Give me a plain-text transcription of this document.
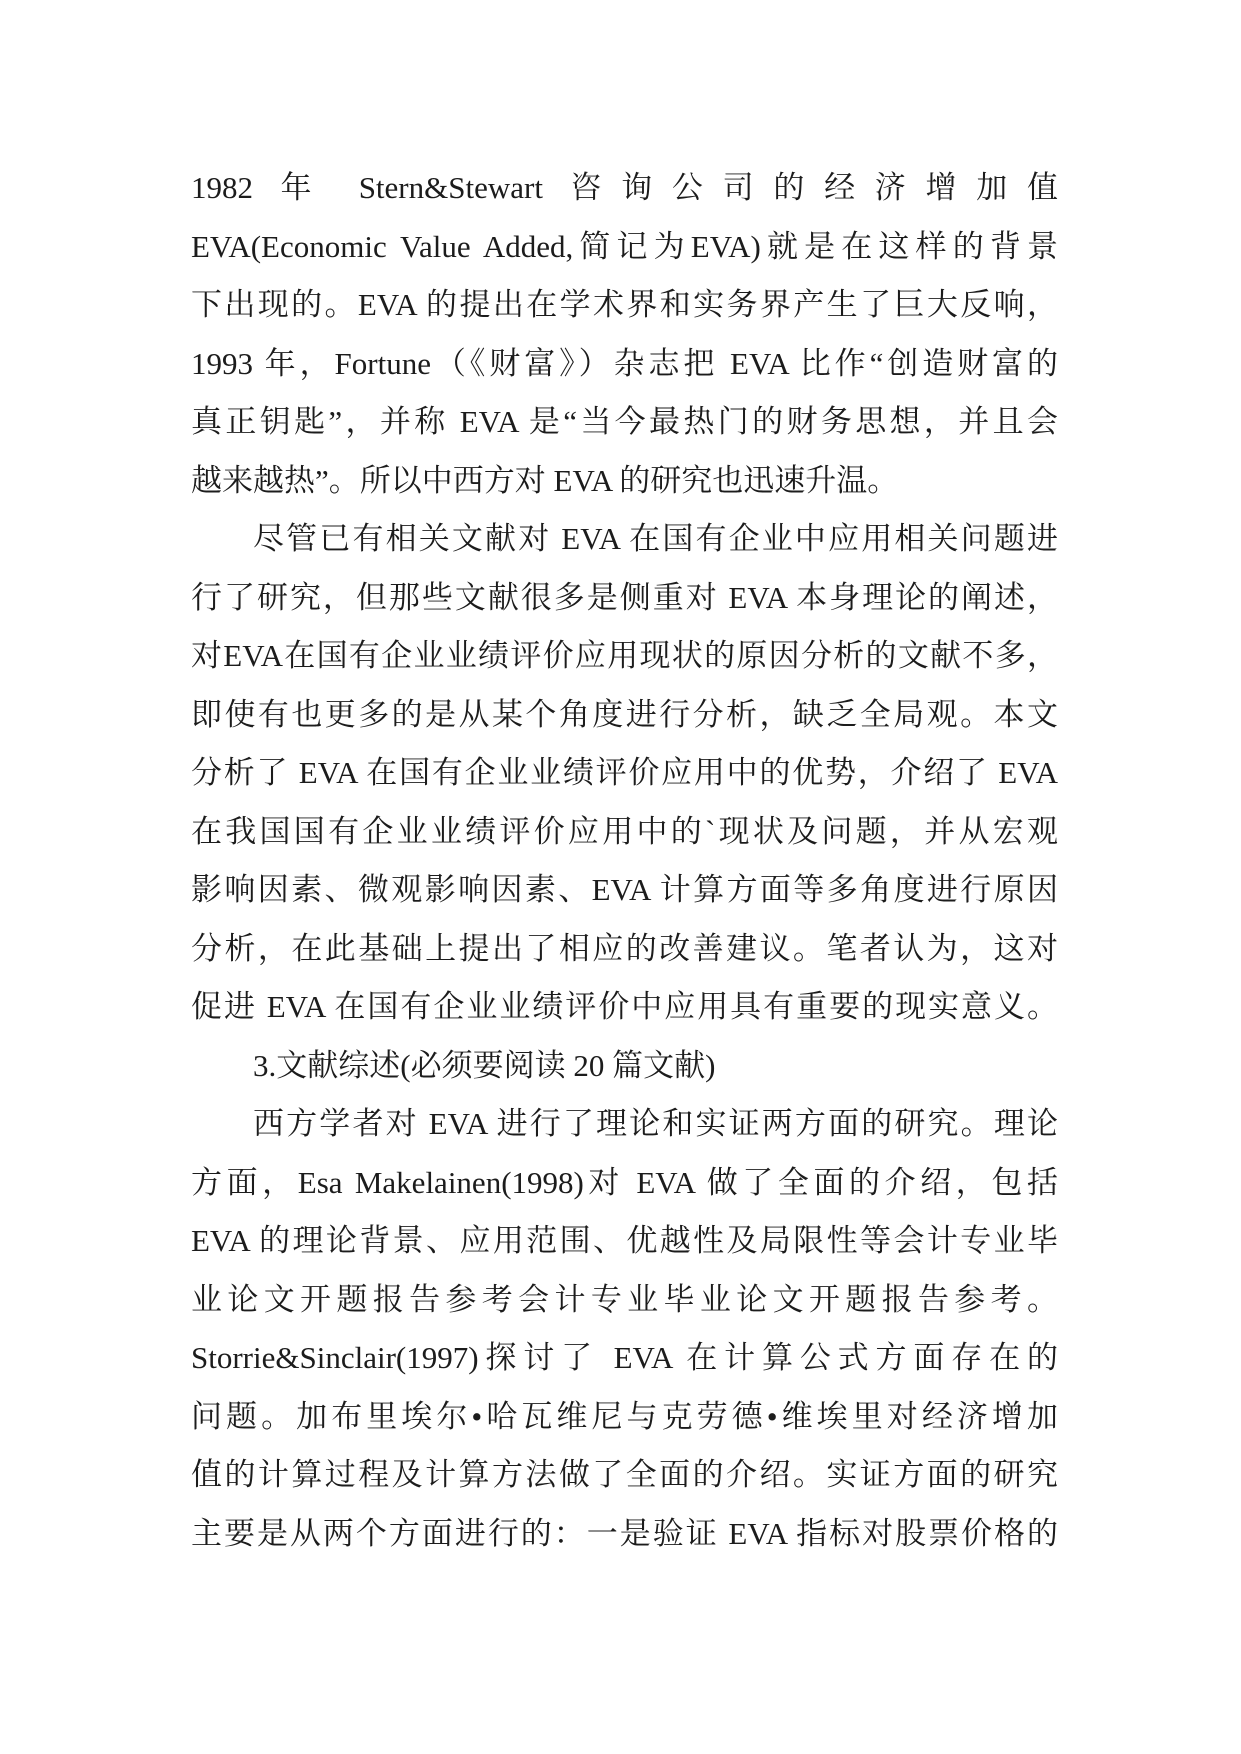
1982 年 Stern&Stewart 咨询公司的经济增加值
EVA(Economic Value Added,简记为EVA)就是在这样的背景
下出现的。EVA 的提出在学术界和实务界产生了巨大反响，
1993 年，Fortune（《财富》）杂志把 EVA 比作“创造财富的
真正钥匙”，并称 EVA 是“当今最热门的财务思想，并且会
越来越热”。所以中西方对 EVA 的研究也迅速升温。
尽管已有相关文献对 EVA 在国有企业中应用相关问题进
行了研究，但那些文献很多是侧重对 EVA 本身理论的阐述，
对EVA在国有企业业绩评价应用现状的原因分析的文献不多，
即使有也更多的是从某个角度进行分析，缺乏全局观。本文
分析了 EVA 在国有企业业绩评价应用中的优势，介绍了 EVA
在我国国有企业业绩评价应用中的`现状及问题，并从宏观
影响因素、微观影响因素、EVA 计算方面等多角度进行原因
分析，在此基础上提出了相应的改善建议。笔者认为，这对
促进 EVA 在国有企业业绩评价中应用具有重要的现实意义。
3.文献综述(必须要阅读 20 篇文献)
西方学者对 EVA 进行了理论和实证两方面的研究。理论
方面，Esa Makelainen(1998)对 EVA 做了全面的介绍，包括
EVA 的理论背景、应用范围、优越性及局限性等会计专业毕
业论文开题报告参考会计专业毕业论文开题报告参考。
Storrie&Sinclair(1997)探讨了 EVA 在计算公式方面存在的
问题。加布里埃尔•哈瓦维尼与克劳德•维埃里对经济增加
值的计算过程及计算方法做了全面的介绍。实证方面的研究
主要是从两个方面进行的：一是验证 EVA 指标对股票价格的
